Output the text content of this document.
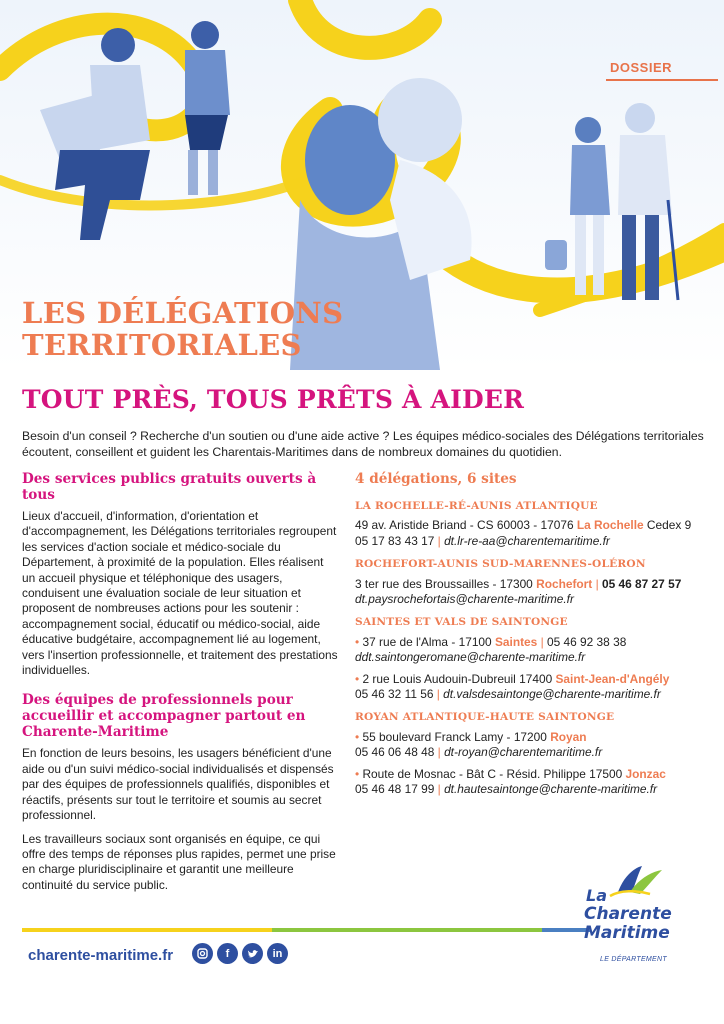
DOSSIER
LES DÉLÉGATIONS
TERRITORIALES
TOUT PRÈS, TOUS PRÊTS À AIDER
Besoin d'un conseil ? Recherche d'un soutien ou d'une aide active ? Les équipes médico-sociales des Délégations territoriales écoutent, conseillent et guident les Charentais-Maritimes dans de nombreux domaines du quotidien.
Des services publics gratuits ouverts à tous

Lieux d'accueil, d'information, d'orientation et d'accompagnement, les Délégations territoriales regroupent les services d'action sociale et médico-sociale du Département, à proximité de la population. Elles réalisent un accueil physique et téléphonique des usagers, conduisent une évaluation sociale de leur situation et proposent de nombreuses actions pour les soutenir : accompagnement social, éducatif ou médico-social, aide éducative budgétaire, accompagnement lié au logement, vers l'insertion professionnelle, et traitement des prestations individuelles.

Des équipes de professionnels pour accueillir et accompagner partout en Charente-Maritime

En fonction de leurs besoins, les usagers bénéficient d'une aide ou d'un suivi médico-social individualisés et dispensés par des équipes de professionnels qualifiés, disponibles et réactifs, présents sur tout le territoire et soumis au secret professionnel.

Les travailleurs sociaux sont organisés en équipe, ce qui offre des temps de réponses plus rapides, permet une prise en charge pluridisciplinaire et garantit une meilleure continuité du service public.

4 délégations, 6 sites
LA ROCHELLE-RÉ-AUNIS ATLANTIQUE

49 av. Aristide Briand - CS 60003 - 17076 La Rochelle Cedex 9

05 17 83 43 17 | dt.lr-re-aa@charentemaritime.fr

ROCHEFORT-AUNIS SUD-MARENNES-OLÉRON

3 ter rue des Broussailles - 17300 Rochefort | 05 46 87 27 57

dt.paysrochefortais@charente-maritime.fr

SAINTES ET VALS DE SAINTONGE

• 37 rue de l'Alma - 17100 Saintes | 05 46 92 38 38

ddt.saintongeromane@charente-maritime.fr

• 2 rue Louis Audouin-Dubreuil 17400 Saint-Jean-d'Angély

05 46 32 11 56 | dt.valsdesaintonge@charente-maritime.fr

ROYAN ATLANTIQUE-HAUTE SAINTONGE

• 55 boulevard Franck Lamy - 17200 Royan

05 46 06 48 48 | dt-royan@charentemaritime.fr

• Route de Mosnac - Bât C - Résid. Philippe 17500 Jonzac

05 46 48 17 99 | dt.hautesaintonge@charente-maritime.fr

charente-maritime.fr	f	in
La
Charente
Maritime
LE DÉPARTEMENT
